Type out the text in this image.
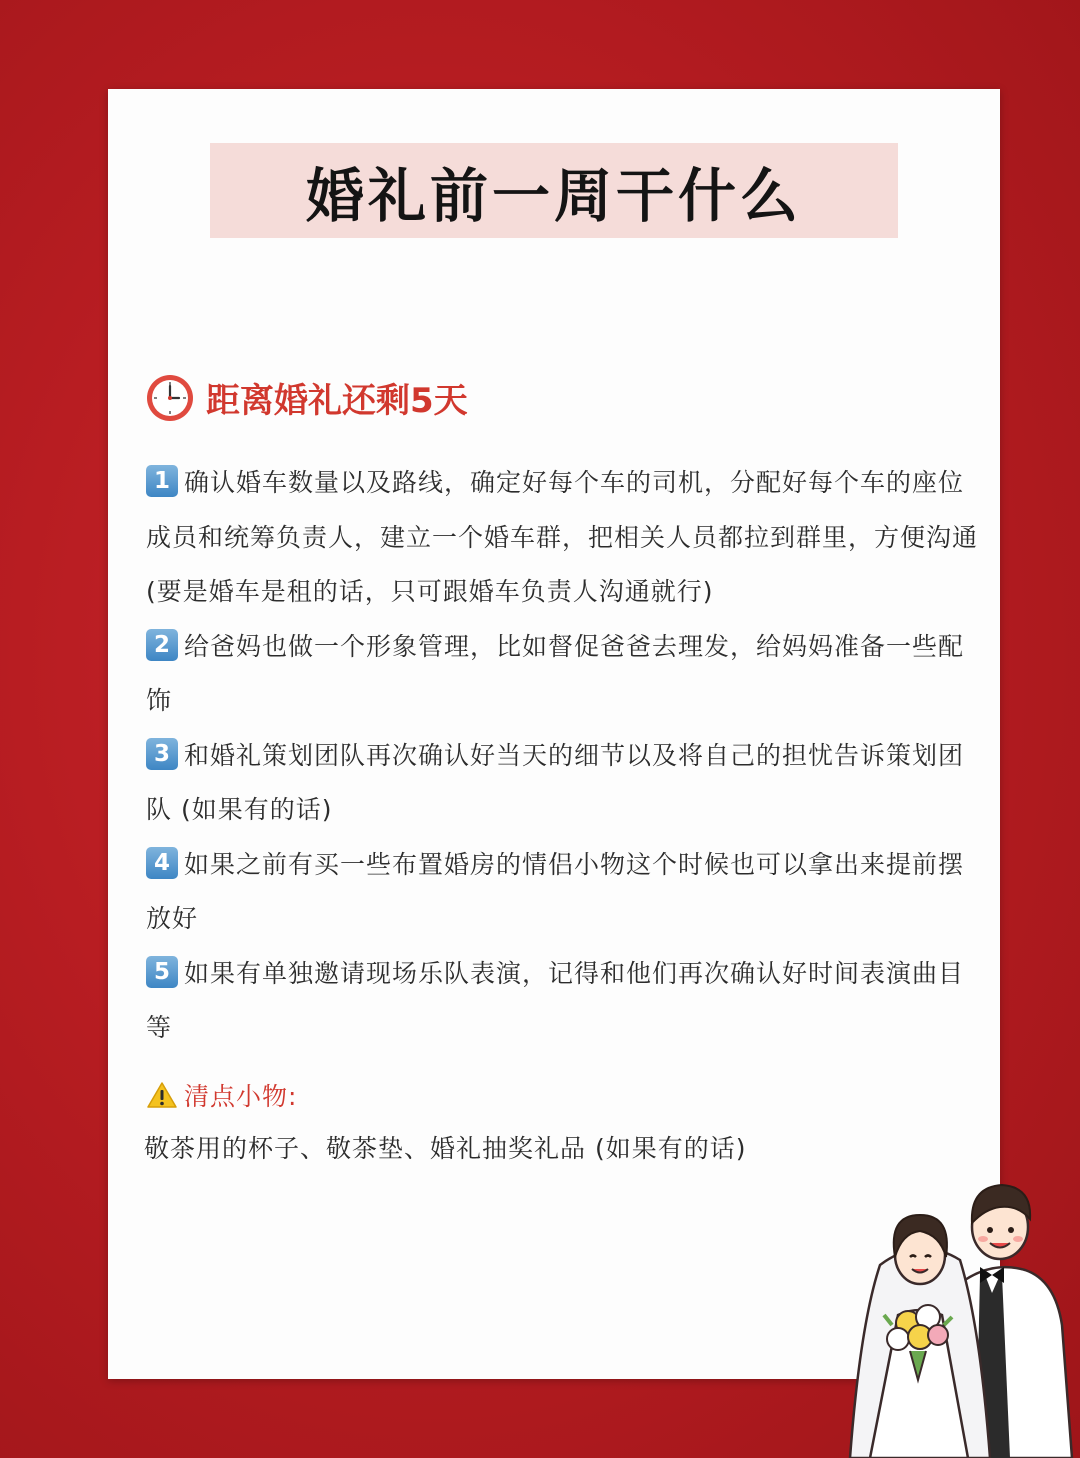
婚礼前一周干什么
距离婚礼还剩5天
1 确认婚车数量以及路线，确定好每个车的司机，分配好每个车的座位成员和统筹负责人，建立一个婚车群，把相关人员都拉到群里，方便沟通 (要是婚车是租的话，只可跟婚车负责人沟通就行)
2 给爸妈也做一个形象管理，比如督促爸爸去理发，给妈妈准备一些配饰
3 和婚礼策划团队再次确认好当天的细节以及将自己的担忧告诉策划团队 (如果有的话)
4 如果之前有买一些布置婚房的情侣小物这个时候也可以拿出来提前摆放好
5 如果有单独邀请现场乐队表演，记得和他们再次确认好时间表演曲目等
清点小物:
敬茶用的杯子、敬茶垫、婚礼抽奖礼品 (如果有的话)
